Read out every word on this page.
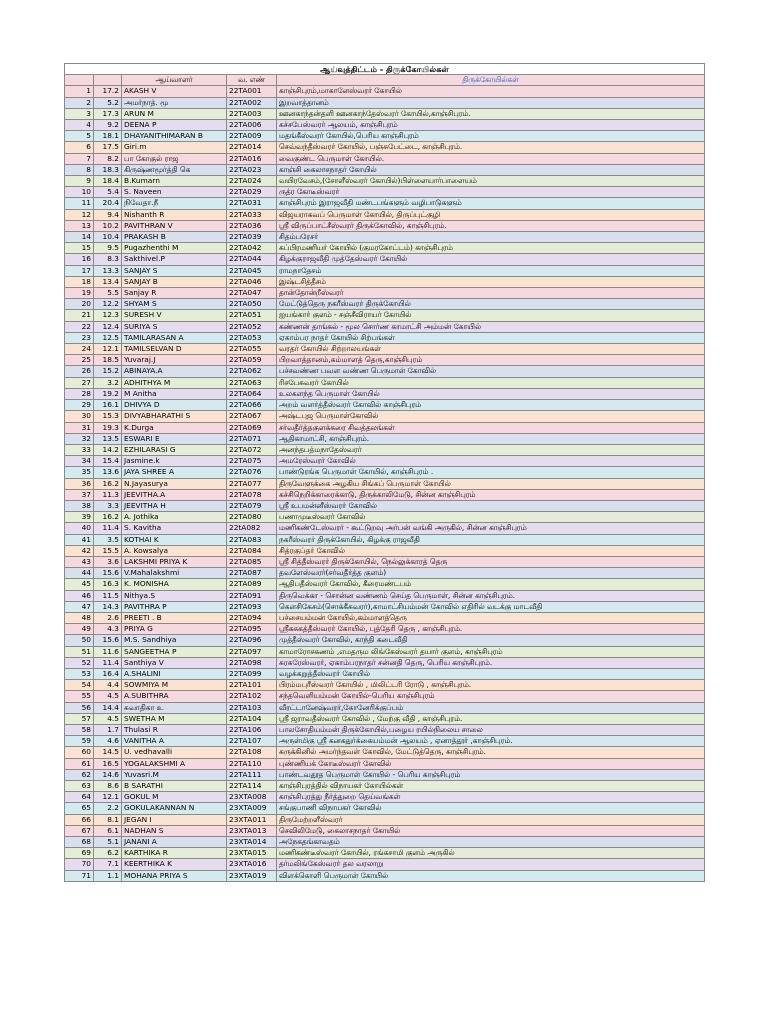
ஆய்வுத்திட்டம் - திருக்கோயில்கள்				
		ஆய்வாளர்	வ. எண்	திருக்கோயில்கள்
1	17.2	AKASH V	22TA001	காஞ்சிபுரம்,மாகாளேஸ்வரர் கோயில்
2	5.2	அமர்நாத். மூ	22TA002	இறவாத்தானம்
3	17.3	ARUN M	22TA003	ஊனகாந்தன்தளி ஊனகாந்தேஸ்வரர் கோயில்,காஞ்சிபுரம்.
4	9.2	DEENA P	22TA006	கச்சபேஸ்வரர் ஆலயம், காஞ்சிபுரம்
5	18.1	DHAYANITHIMARAN B	22TA009	மதங்கீஸ்வரர் கோயில்,பெரிய காஞ்சிபுரம்
6	17.5	Giri.m	22TA014	செவ்வந்தீஸ்வரர் கோயில், பஞ்சுபேட்டை, காஞ்சிபுரம்.
7	8.2	பா கோகுல் ராஜ	22TA016	வைகுண்ட பெருமாள் கோயில்.
8	18.3	கிருஷ்ணமூர்த்தி கெ	22TA023	காஞ்சி கைலாசநாதர் கோயில்
9	18.4	B.Kumarn	22TA024	வயிரவேசம்,(சோளீஸ்வரர் கோயில்)பிள்ளையார்பாளையம்
10	5.4	S. Naveen	22TA029	ருத்ர கோடீஸ்வரர்
11	20.4	நிவேதா.நீ	22TA031	காஞ்சிபுரம் இராஜவீதி மண்டபங்களும் வழிபாடுகளும்
12	9.4	Nishanth R	22TA033	விஜயராகவப் பெருமாள் கோயில், திருப்புட்குழி
13	10.2	PAVITHRAN V	22TA036	ஸ்ரீ விருப்பாட்சீஸ்வரர் திருக்கோவில், காஞ்சிபுரம்.
14	10.4	PRAKASH B	22TA039	சிதம்பரேசர்
15	9.5	Pugazhenthi M	22TA042	சுப்பிரமணியர் கோயில் (குமரகோட்டம்) காஞ்சிபுரம்
16	8.3	Sakthivel.P	22TA044	கிழக்குராஜவீதி முத்தேஸ்வரர் கோயில்
17	13.3	SANJAY S	22TA045	ராமநாதேசம்
18	13.4	SANJAY B	22TA046	இஷ்டசித்தீசம்
19	5.5	Sanjay R	22TA047	தான்தோன்றீஸ்வரர்
20	12.2	SHYAM S	22TA050	மேட்டுத்தெரு நகரீஸ்வரர் திருக்கோயில்
21	12.3	SURESH V	22TA051	ஐயங்கார் குளம் - சஞ்சீவிராயர் கோயில்
22	12.4	SURIYA S	22TA052	கண்ணன் தாங்கல் - மூல சொர்ண காமாட்சி அம்மன் கோயில்
23	12.5	TAMILARASAN A	22TA053	ஏகாம்பர நாதர் கோயில் சிற்பங்கள்
24	12.1	TAMILSELVAN D	22TA055	வரதர் கோயில் சிற்றாலயங்கள்
25	18.5	Yuvaraj.J	22TA059	பிறவாத்தானம்,கம்மாளத் தெரு,காஞ்சிபுரம்
26	15.2	ABINAYA.A	22TA062	பச்சவண்ண பவள வண்ண பெருமாள் கோவில்
27	3.2	ADHITHYA M	22TA063	ரிசபேசுவரர் கோயில்
28	19.2	M Anitha	22TA064	உலகளந்த பெருமாள் கோயில்
29	16.1	DHIVYA D	22TA066	அறம் வளர்த்தீஸ்வரர் கோவில் காஞ்சிபுரம்
30	15.3	DIVYABHARATHI S	22TA067	அஷ்டபுஜ பெருமாள்கோவில்
31	19.3	K.Durga	22TA069	சர்வதீர்த்தகுளக்கரை சிவத்தலங்கள்
32	13.5	ESWARI E	22TA071	ஆதிகாமாட்சி, காஞ்சிபுரம்.
33	14.2	EZHILARASI G	22TA072	அனந்தபத்மநாதேஸ்வரர்
34	15.4	Jasmine.k	22TA075	அமரேஸ்வரர் கோவில்
35	13.6	JAYA SHREE A	22TA076	பாண்டுரங்க பெருமாள் கோயில், காஞ்சிபுரம் .
36	16.2	N.Jayasurya	22TA077	திருவேளுக்கை அழகிய சிங்கப் பெருமாள் கோயில்
37	11.3	JEEVITHA.A	22TA078	கச்சிநெறிக்காரைக்காடு, திருக்காலிமேடு, சின்ன காஞ்சிபுரம்
38	3.3	JEEVITHA H	22TA079	ஸ்ரீ உபமன்னீஸ்வரர் கோவில்
39	16.2	A. Jothika	22TA080	பணாமுடீஸ்வரர் கோவில்
40	11.4	S. Kavitha	22tA082	மணிகண்டேஸ்வரர் - கூட்டுறவு அர்பன் வங்கி அருகில், சின்ன காஞ்சிபுரம்
41	3.5	KOTHAI K	22TA083	நகரீஸ்வரர் திருக்கோயில், கிழக்கு ராஜவீதி
42	15.5	A. Kowsalya	22TA084	சித்ரகுப்தர் கோவில்
43	3.6	LAKSHMI PRIYA K	22TA085	ஸ்ரீ சித்தீஸ்வரர் திருக்கோயில், நெல்லுக்காரத் தெரு
44	15.6	V.Mahalakshmi	22TA087	தவளேஸ்வரர்(சர்வதீர்த்த குளம்)
45	16.3	K. MONISHA	22TA089	ஆதிபதீஸ்வரர் கோவில், கீரைமண்டபம்
46	11.5	Nithya.S	22TA091	திருவெக்கா - சொன்ன வண்ணம் செய்த பெருமாள், சின்ன காஞ்சிபுரம்.
47	14.3	PAVITHRA P	22TA093	கௌசிகேசம்(சொக்கீசுவரர்),காமாட்சியம்மன் கோவில் எதிரில் வடக்கு மாடவீதி
48	2.6	PREETI . B	22TA094	பச்சையம்மன் கோயில்,கம்மாளத்தெரு
49	4.3	PRIYA G	22TA095	ஸ்ரீகசுகத்தீஸ்வரர் கோயில், புத்தேரி தெரு , காஞ்சிபுரம்.
50	15.6	M.S. Sandhiya	22TA096	முத்தீஸ்வரர் கோவில், காந்தி கடைவீதி
51	11.6	SANGEETHA P	22TA097	காமாரோசகணம் ,எமதரும லிங்கேஸ்வரர் தயார் குளம், காஞ்சிபுரம்
52	11.4	Santhiya V	22TA098	சுரகரேஸ்வரர், ஏகாம்பரநாதர் சன்னதி தெரு, பெரிய காஞ்சிபுரம்.
53	16.4	A.SHALINI	22TA099	வழக்கறுத்தீஸ்வரர் கோயில்
54	4.4	SOWMIYA M	22TA101	பிரம்மபுரீஸ்வரர் கோயில் , மிலிட்டரி ரோடு , காஞ்சிபுரம்.
55	4.5	A.SUBITHRA	22TA102	சந்தவெளியம்மன் கோயில்-பெரிய காஞ்சிபுரம்
56	14.4	சுவாதிகா உ	22TA103	வீரட்டானேஷ்வரர்,கோனேரிக்குப்பம்
57	4.5	SWETHA M	22TA104	ஸ்ரீ ஜராவதீஸ்வரர் கோவில் , மேற்கு வீதி , காஞ்சிபுரம்.
58	1.7	Thulasi R	22TA106	பாலசோதியம்மன் திருக்கோயில்,பழைய ரயில்நிலைய சாலை
59	4.6	VANITHA A	22TA107	அருள்மிகு ஸ்ரீ கனகதுர்க்கையம்மன் ஆலயம் , ஏனாத்தூர் ,காஞ்சிபுரம்.
60	14.5	U. vedhavalli	22TA108	கருக்கினில் அமர்ந்தவள் கோவில், மேட்டுத்தெரு, காஞ்சிபுரம்.
61	16.5	YOGALAKSHMI A	22TA110	புண்ணியக் கோடீஸ்வரர் கோவில்
62	14.6	Yuvasri.M	22TA111	பாண்டவதூத பெருமாள் கோயில் - பெரிய காஞ்சிபுரம்
63	8.6	B SARATHI	22TA114	காஞ்சிபுரத்தில் விநாயகர் கோயில்கள்
64	12.1	GOKUL M	23XTA008	காஞ்சிபுரத்து நீர்த்துறை தெய்வங்கள்
65	2.2	GOKULAKANNAN N	23XTA009	சங்குபாணி விநாயகர் கோவில்
66	8.1	JEGAN I	23XTA011	திருமேற்றளீஸ்வரர்
67	6.1	NADHAN S	23XTA013	செவிலிமேடு, கைலாசநாதர் கோயில்
68	5.1	JANANI A	23XTA014	அநேகதங்காவதம்
69	6.2	KARTHIKA R	23XTA015	மணிகண்டீஸ்வரர் கோயில், ரங்கசாமி குளம் அருகில்
70	7.1	KEERTHIKA K	23XTA016	தர்மலிங்கேஸ்வரர் தல வரலாறு
71	1.1	MOHANA PRIYA S	23XTA019	விளக்கொளி பெருமாள் கோயில்
